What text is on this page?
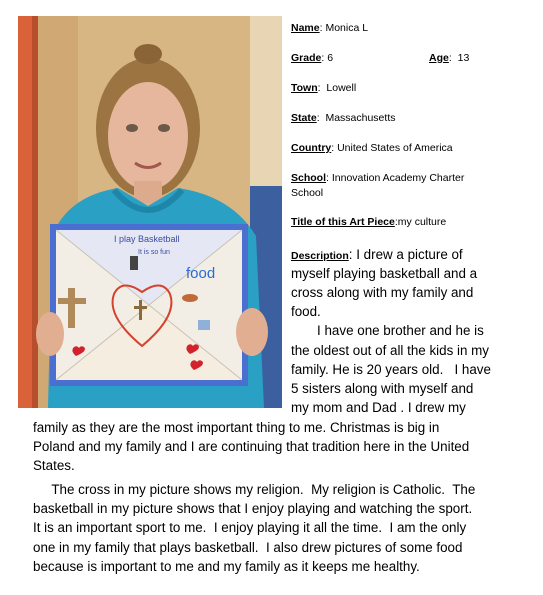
I play Basketball
It is so fun
food
Name: Monica L
Grade: 6	Age:  13
Town:  Lowell
State:  Massachusetts
Country: United States of America
School: Innovation Academy Charter
School
Title of this Art Piece:my culture
Description: I drew a picture of
myself playing basketball and a
cross along with my family and
food.
I have one brother and he is
the oldest out of all the kids in my
family. He is 20 years old.   I have
5 sisters along with myself and
my mom and Dad . I drew my
family as they are the most important thing to me. Christmas is big in
Poland and my family and I are continuing that tradition here in the United
States.
The cross in my picture shows my religion.  My religion is Catholic.  The
basketball in my picture shows that I enjoy playing and watching the sport.
It is an important sport to me.  I enjoy playing it all the time.  I am the only
one in my family that plays basketball.  I also drew pictures of some food
because is important to me and my family as it keeps me healthy.
